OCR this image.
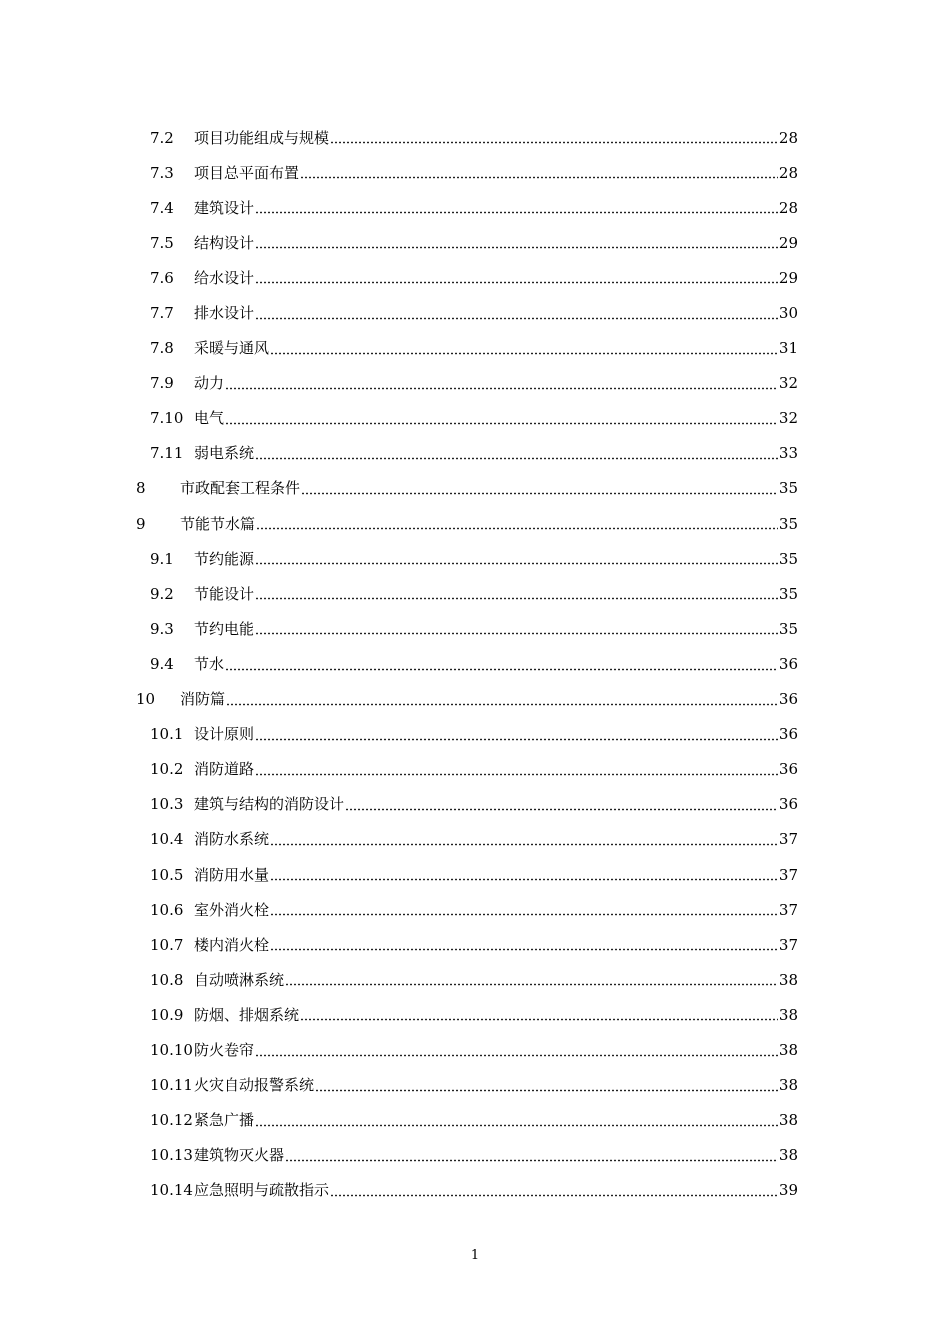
7.2	项目功能组成与规模	28
7.3	项目总平面布置	28
7.4	建筑设计	28
7.5	结构设计	29
7.6	给水设计	29
7.7	排水设计	30
7.8	采暖与通风	31
7.9	动力	32
7.10 电气	32
7.11 弱电系统	33
8	市政配套工程条件	35
9	节能节水篇	35
9.1	节约能源	35
9.2	节能设计	35
9.3	节约电能	35
9.4	节水	36
10	消防篇	36
10.1 设计原则	36
10.2 消防道路	36
10.3 建筑与结构的消防设计	36
10.4 消防水系统	37
10.5 消防用水量	37
10.6 室外消火栓	37
10.7 楼内消火栓	37
10.8 自动喷淋系统	38
10.9 防烟、排烟系统	38
10.10 防火卷帘	38
10.11 火灾自动报警系统	38
10.12 紧急广播	38
10.13 建筑物灭火器	38
10.14 应急照明与疏散指示	39
1
